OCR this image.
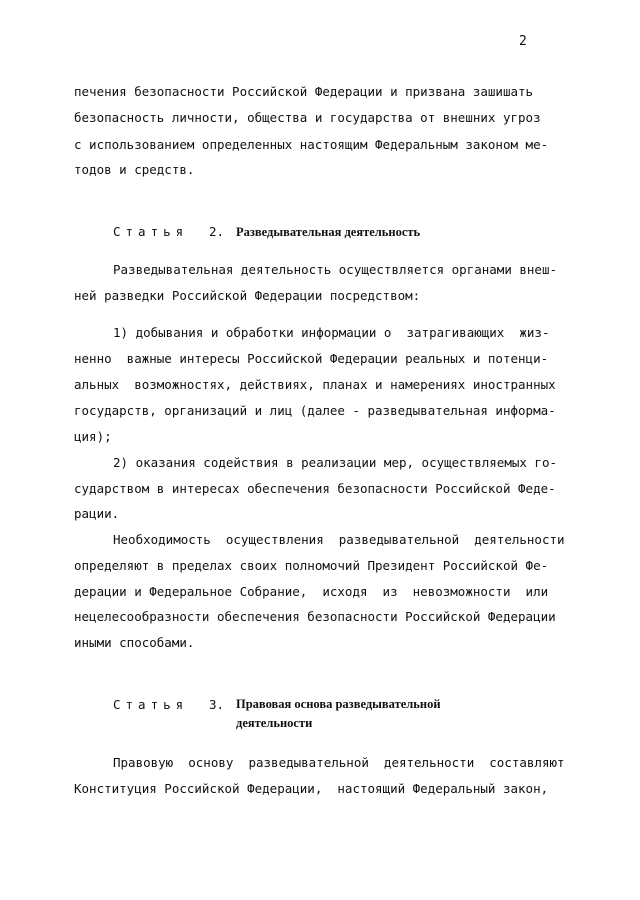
2
печения безопасности Российской Федерации и призвана зашишать
безопасность личности, общества и государства от внешних угроз
с использованием определенных настоящим Федеральным законом ме-
тодов и средств.
Статья 2. Разведывательная деятельность
Разведывательная деятельность осуществляется органами внеш-
ней разведки Российской Федерации посредством:
1) добывания и обработки информации о  затрагивающих  жиз-
ненно  важные интересы Российской Федерации реальных и потенци-
альных  возможностях, действиях, планах и намерениях иностранных
государств, организаций и лиц (далее - разведывательная информа-
ция);
2) оказания содействия в реализации мер, осуществляемых го-
сударством в интересах обеспечения безопасности Российской Феде-
рации.
Необходимость  осуществления  разведывательной  деятельности
определяют в пределах своих полномочий Президент Российской Фе-
дерации и Федеральное Собрание,  исходя  из  невозможности  или
нецелесообразности обеспечения безопасности Российской Федерации
иными способами.
Статья 3. Правовая основа разведывательной
деятельности
Правовую  основу  разведывательной  деятельности  составляют
Конституция Российской Федерации,  настоящий Федеральный закон,
